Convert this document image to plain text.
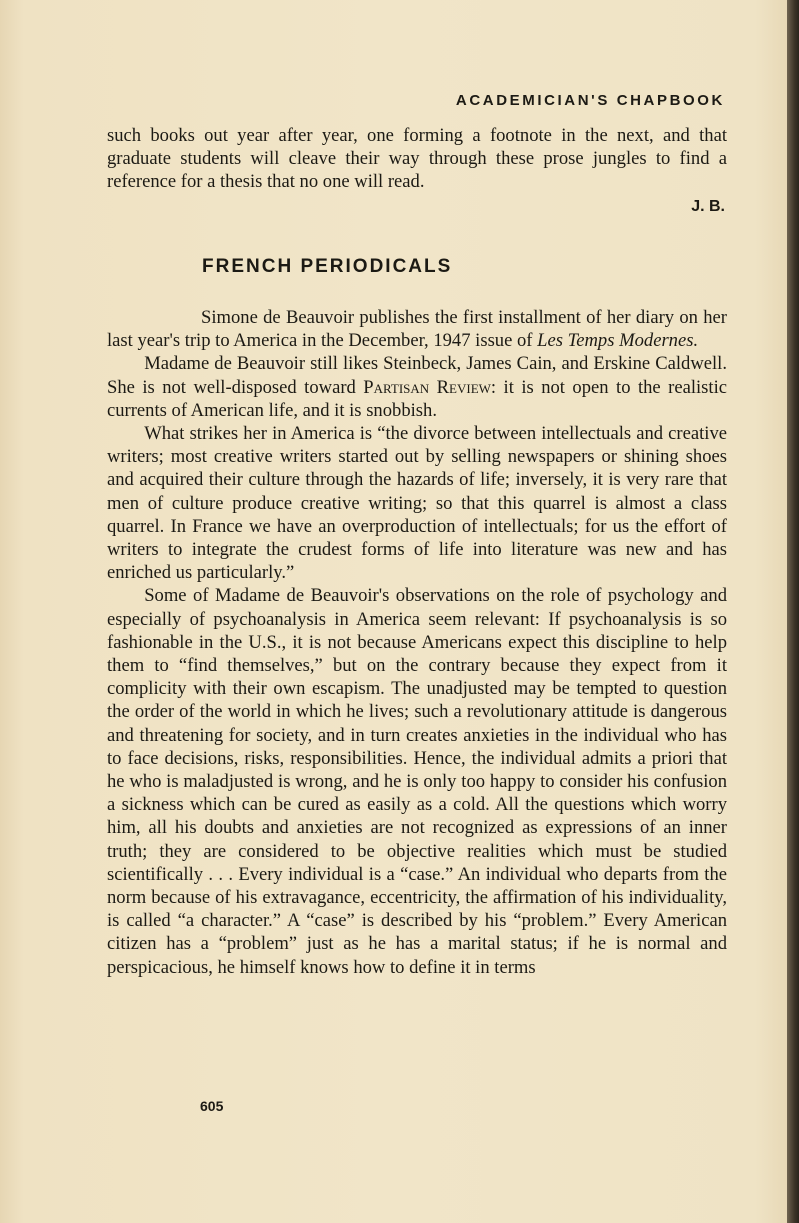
ACADEMICIAN'S CHAPBOOK

such books out year after year, one forming a footnote in the next, and that graduate students will cleave their way through these prose jungles to find a reference for a thesis that no one will read.

J. B.
FRENCH PERIODICALS

Simone de Beauvoir publishes the first installment of her diary on her last year's trip to America in the December, 1947 issue of Les Temps Modernes.

Madame de Beauvoir still likes Steinbeck, James Cain, and Erskine Caldwell. She is not well-disposed toward Partisan Review: it is not open to the realistic currents of American life, and it is snobbish.

What strikes her in America is “the divorce between intellectuals and creative writers; most creative writers started out by selling newspapers or shining shoes and acquired their culture through the hazards of life; inversely, it is very rare that men of culture produce creative writing; so that this quarrel is almost a class quarrel. In France we have an overproduction of intellectuals; for us the effort of writers to integrate the crudest forms of life into literature was new and has enriched us particularly.”

Some of Madame de Beauvoir's observations on the role of psychology and especially of psychoanalysis in America seem relevant: If psychoanalysis is so fashionable in the U.S., it is not because Americans expect this discipline to help them to “find themselves,” but on the contrary because they expect from it complicity with their own escapism. The unadjusted may be tempted to question the order of the world in which he lives; such a revolutionary attitude is dangerous and threatening for society, and in turn creates anxieties in the individual who has to face decisions, risks, responsibilities. Hence, the individual admits a priori that he who is maladjusted is wrong, and he is only too happy to consider his confusion a sickness which can be cured as easily as a cold. All the questions which worry him, all his doubts and anxieties are not recognized as expressions of an inner truth; they are considered to be objective realities which must be studied scientifically . . . Every individual is a “case.” An individual who departs from the norm because of his extravagance, eccentricity, the affirmation of his individuality, is called “a character.” A “case” is described by his “problem.” Every American citizen has a “problem” just as he has a marital status; if he is normal and perspicacious, he himself knows how to define it in terms

605
